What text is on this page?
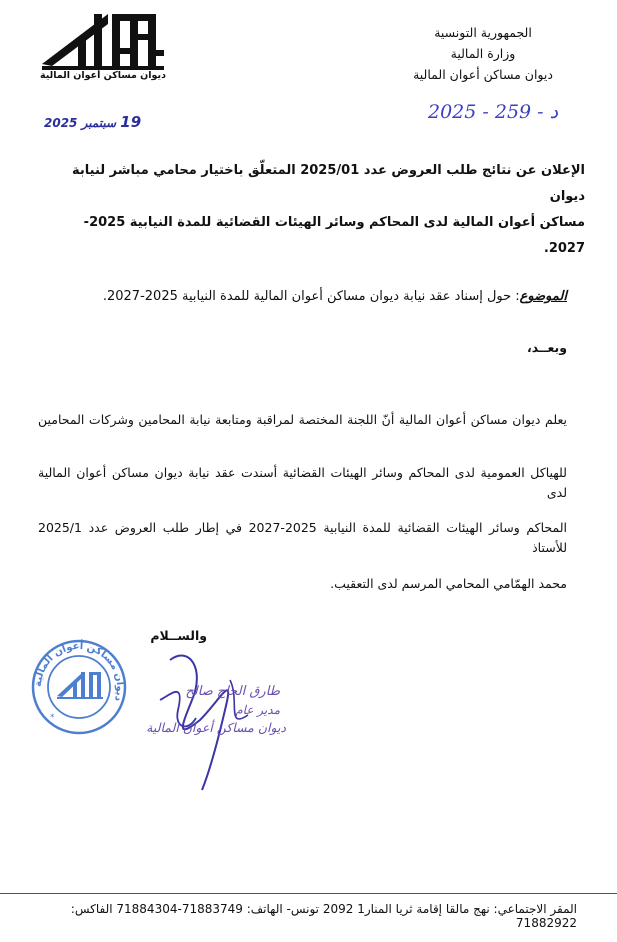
الجمهورية التونسية
وزارة المالية
ديوان مساكن أعوان المالية
ديوان مساكن أعوان المالية
19 سبتمبر 2025	2025 - 259 - د
الإعلان عن نتائج طلب العروض عدد 2025/01 المتعلّق باختيار محامي مباشر لنيابة ديوان
مساكن أعوان المالية لدى المحاكم وسائر الهيئات القضائية للمدة النيابية 2025-2027.
الموضوع: حول إسناد عقد نيابة ديوان مساكن أعوان المالية للمدة النيابية 2025-2027.
وبعــد،
يعلم ديوان مساكن أعوان المالية أنّ اللجنة المختصة لمراقبة ومتابعة نيابة المحامين وشركات المحامين
للهياكل العمومية لدى المحاكم وسائر الهيئات القضائية أسندت عقد نيابة ديوان مساكن أعوان المالية لدى
المحاكم وسائر الهيئات القضائية للمدة النيابية 2025-2027 في إطار طلب العروض عدد 2025/1 للأستاذ
محمد الهمّامي المحامي المرسم لدى التعقيب.
والســلام
ديوان مساكن أعوان المالية
*
طارق الحاج صالح
مدير عام
ديوان مساكن أعوان المالية
المقر الاجتماعي: نهج مالقا إقامة ثريا المنار1 2092 تونس- الهاتف: 71883749-71884304 الفاكس: 71882922
